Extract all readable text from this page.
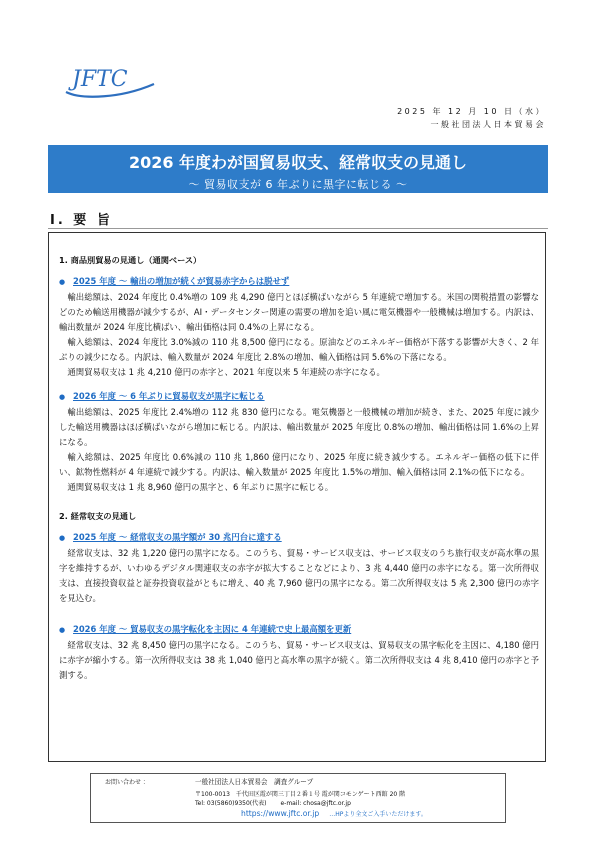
JFTC
2025 年 12 月 10 日（水）
一般社団法人日本貿易会
2026 年度わが国貿易収支、経常収支の見通し
～ 貿易収支が 6 年ぶりに黒字に転じる ～
Ⅰ. 要 旨

1. 商品別貿易の見通し（通関ベース）

● 2025 年度 ～ 輸出の増加が続くが貿易赤字からは脱せず

輸出総額は、2024 年度比 0.4%増の 109 兆 4,290 億円とほぼ横ばいながら 5 年連続で増加する。米国の関税措置の影響などのため輸送用機器が減少するが、AI・データセンター関連の需要の増加を追い風に電気機器や一般機械は増加する。内訳は、輸出数量が 2024 年度比横ばい、輸出価格は同 0.4%の上昇になる。

輸入総額は、2024 年度比 3.0%減の 110 兆 8,500 億円になる。原油などのエネルギー価格が下落する影響が大きく、2 年ぶりの減少になる。内訳は、輸入数量が 2024 年度比 2.8%の増加、輸入価格は同 5.6%の下落になる。

通関貿易収支は 1 兆 4,210 億円の赤字と、2021 年度以来 5 年連続の赤字になる。

● 2026 年度 ～ 6 年ぶりに貿易収支が黒字に転じる

輸出総額は、2025 年度比 2.4%増の 112 兆 830 億円になる。電気機器と一般機械の増加が続き、また、2025 年度に減少した輸送用機器はほぼ横ばいながら増加に転じる。内訳は、輸出数量が 2025 年度比 0.8%の増加、輸出価格は同 1.6%の上昇になる。

輸入総額は、2025 年度比 0.6%減の 110 兆 1,860 億円になり、2025 年度に続き減少する。エネルギー価格の低下に伴い、鉱物性燃料が 4 年連続で減少する。内訳は、輸入数量が 2025 年度比 1.5%の増加、輸入価格は同 2.1%の低下になる。

通関貿易収支は 1 兆 8,960 億円の黒字と、6 年ぶりに黒字に転じる。

2. 経常収支の見通し

● 2025 年度 ～ 経常収支の黒字額が 30 兆円台に達する

経常収支は、32 兆 1,220 億円の黒字になる。このうち、貿易・サービス収支は、サービス収支のうち旅行収支が高水準の黒字を維持するが、いわゆるデジタル関連収支の赤字が拡大することなどにより、3 兆 4,440 億円の赤字になる。第一次所得収支は、直接投資収益と証券投資収益がともに増え、40 兆 7,960 億円の黒字になる。第二次所得収支は 5 兆 2,300 億円の赤字を見込む。

● 2026 年度 ～ 貿易収支の黒字転化を主因に 4 年連続で史上最高額を更新

経常収支は、32 兆 8,450 億円の黒字になる。このうち、貿易・サービス収支は、貿易収支の黒字転化を主因に、4,180 億円に赤字が縮小する。第一次所得収支は 38 兆 1,040 億円と高水準の黒字が続く。第二次所得収支は 4 兆 8,410 億円の赤字と予測する。

お問い合わせ ：	一般社団法人日本貿易会　調査グループ
〒100-0013　千代田区霞が関三丁目２番１号 霞が関コモンゲート西館 20 階
Tel: 03(5860)9350(代表) e-mail: chosa@jftc.or.jp
https://www.jftc.or.jp …HPより全文ご入手いただけます。
